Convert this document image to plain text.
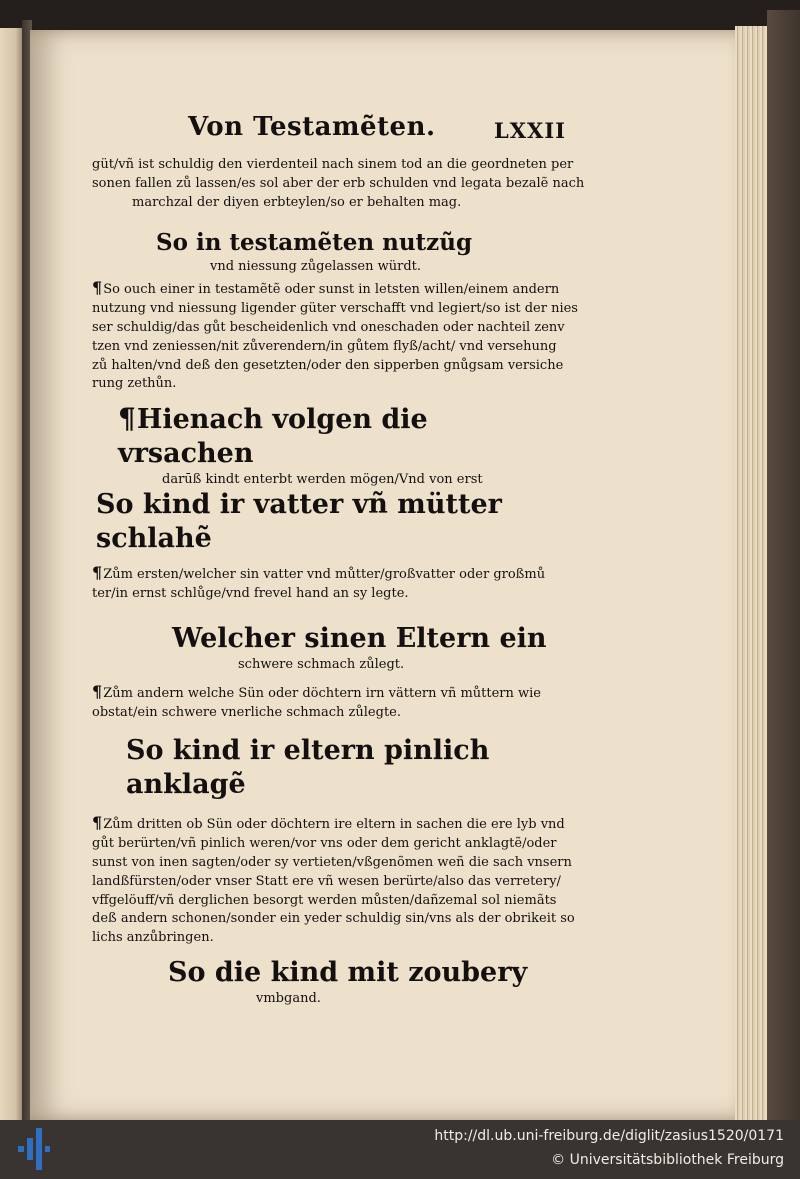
Von Testamẽten.	LXXII

güt/vñ ist schuldig den vierdenteil nach sinem tod an die geordneten per
sonen fallen zů lassen/es sol aber der erb schulden vnd legata bezalẽ nach
marchzal der diyen erbteylen/so er behalten mag.

So in testamẽten nutzũg

vnd niessung zůgelassen würdt.

¶So ouch einer in testamẽtẽ oder sunst in letsten willen/einem andern
nutzung vnd niessung ligender güter verschafft vnd legiert/so ist der nies
ser schuldig/das gůt bescheidenlich vnd oneschaden oder nachteil zenv
tzen vnd zeniessen/nit zůverendern/in gůtem flyß/acht/ vnd versehung
zů halten/vnd deß den gesetzten/oder den sipperben gnůgsam versiche
rung zethůn.

¶Hienach volgen die vrsachen

darūß kindt enterbt werden mögen/Vnd von erst

So kind ir vatter vñ mütter schlahẽ

¶Zům ersten/welcher sin vatter vnd můtter/großvatter oder großmů
ter/in ernst schlůge/vnd frevel hand an sy legte.

Welcher sinen Eltern ein

schwere schmach zůlegt.

¶Zům andern welche Sün oder döchtern irn vättern vñ můttern wie
obstat/ein schwere vnerliche schmach zůlegte.

So kind ir eltern pinlich anklagẽ

¶Zům dritten ob Sün oder döchtern ire eltern in sachen die ere lyb vnd
gůt berürten/vñ pinlich weren/vor vns oder dem gericht anklagtẽ/oder
sunst von inen sagten/oder sy vertieten/vßgenõmen weñ die sach vnsern
landßfürsten/oder vnser Statt ere vñ wesen berürte/also das verretery/
vffgelöuff/vñ derglichen besorgt werden můsten/dañzemal sol niemãts
deß andern schonen/sonder ein yeder schuldig sin/vns als der obrikeit so
lichs anzůbringen.

So die kind mit zoubery

vmbgand.

http://dl.ub.uni-freiburg.de/diglit/zasius1520/0171
© Universitätsbibliothek Freiburg
